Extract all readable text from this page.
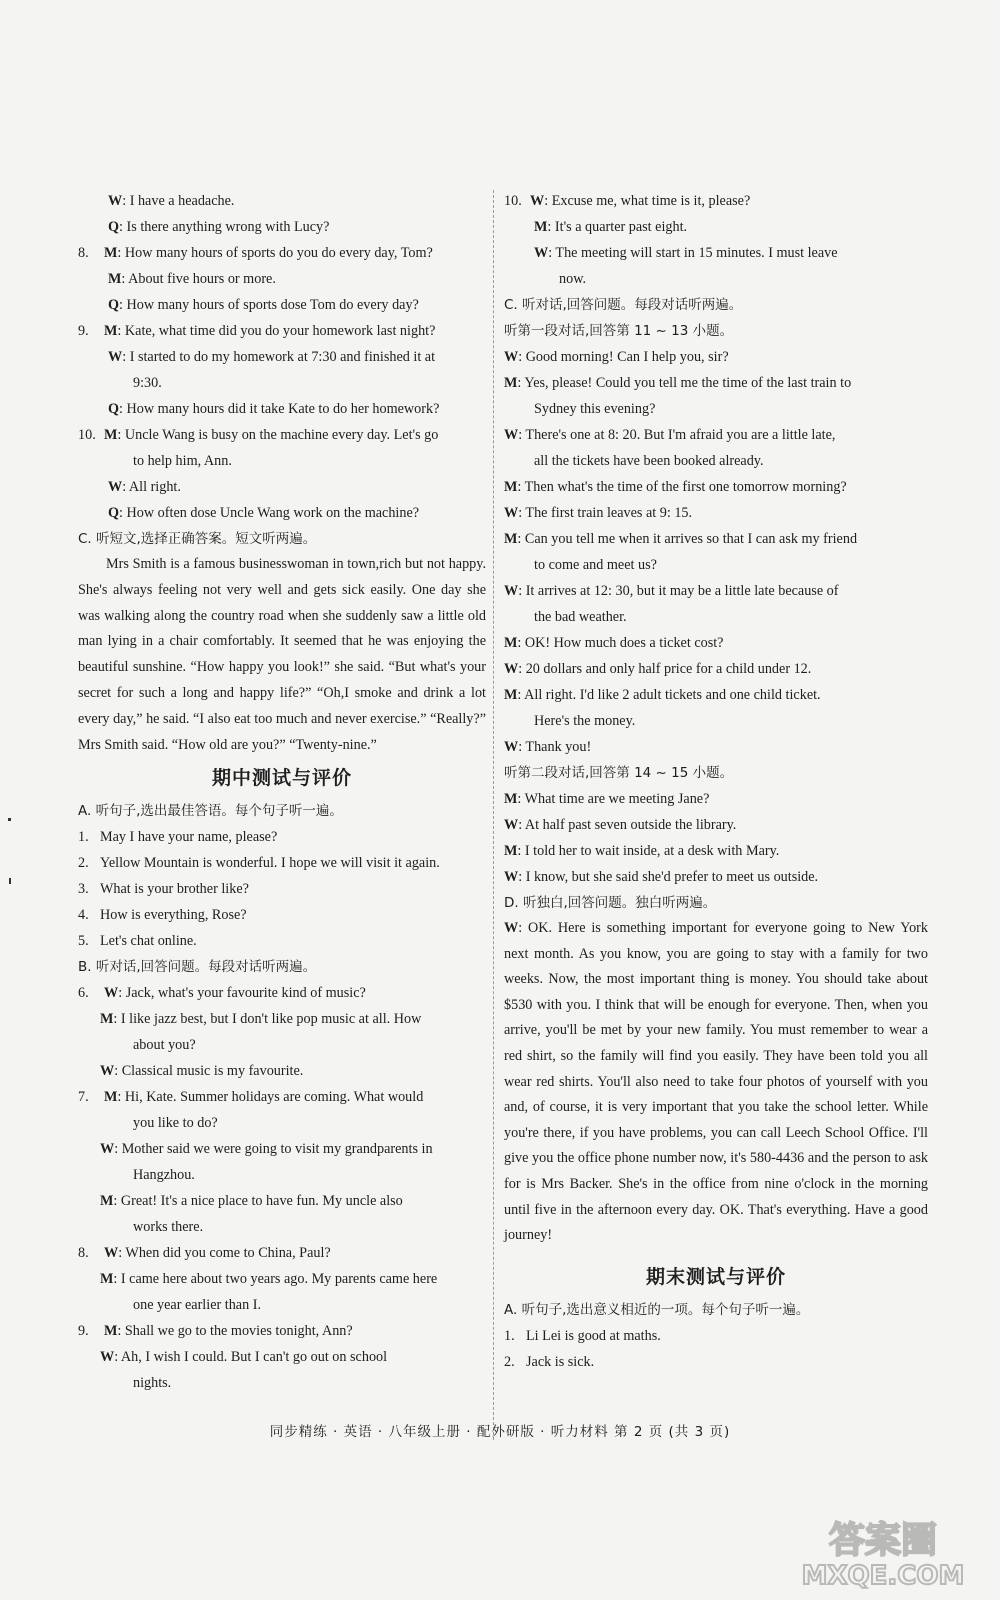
W: I have a headache.
Q: Is there anything wrong with Lucy?
8. M: How many hours of sports do you do every day, Tom?
M: About five hours or more.
Q: How many hours of sports dose Tom do every day?
9. M: Kate, what time did you do your homework last night?
W: I started to do my homework at 7:30 and finished it at
9:30.
Q: How many hours did it take Kate to do her homework?
10. M: Uncle Wang is busy on the machine every day. Let's go
to help him, Ann.
W: All right.
Q: How often dose Uncle Wang work on the machine?
C. 听短文,选择正确答案。短文听两遍。
Mrs Smith is a famous businesswoman in town,rich but not happy. She's always feeling not very well and gets sick easily. One day she was walking along the country road when she suddenly saw a little old man lying in a chair comfortably. It seemed that he was enjoying the beautiful sunshine. “How happy you look!” she said. “But what's your secret for such a long and happy life?” “Oh,I smoke and drink a lot every day,” he said. “I also eat too much and never exercise.” “Really?” Mrs Smith said. “How old are you?” “Twenty-nine.”
期中测试与评价
A. 听句子,选出最佳答语。每个句子听一遍。
1. May I have your name, please?
2. Yellow Mountain is wonderful. I hope we will visit it again.
3. What is your brother like?
4. How is everything, Rose?
5. Let's chat online.
B. 听对话,回答问题。每段对话听两遍。
6. W: Jack, what's your favourite kind of music?
M: I like jazz best, but I don't like pop music at all. How
about you?
W: Classical music is my favourite.
7. M: Hi, Kate. Summer holidays are coming. What would
you like to do?
W: Mother said we were going to visit my grandparents in
Hangzhou.
M: Great! It's a nice place to have fun. My uncle also
works there.
8. W: When did you come to China, Paul?
M: I came here about two years ago. My parents came here
one year earlier than I.
9. M: Shall we go to the movies tonight, Ann?
W: Ah, I wish I could. But I can't go out on school
nights.
10. W: Excuse me, what time is it, please?
M: It's a quarter past eight.
W: The meeting will start in 15 minutes. I must leave
now.
C. 听对话,回答问题。每段对话听两遍。
听第一段对话,回答第 11 ~ 13 小题。
W: Good morning! Can I help you, sir?
M: Yes, please! Could you tell me the time of the last train to
Sydney this evening?
W: There's one at 8: 20. But I'm afraid you are a little late,
all the tickets have been booked already.
M: Then what's the time of the first one tomorrow morning?
W: The first train leaves at 9: 15.
M: Can you tell me when it arrives so that I can ask my friend
to come and meet us?
W: It arrives at 12: 30, but it may be a little late because of
the bad weather.
M: OK! How much does a ticket cost?
W: 20 dollars and only half price for a child under 12.
M: All right. I'd like 2 adult tickets and one child ticket.
Here's the money.
W: Thank you!
听第二段对话,回答第 14 ~ 15 小题。
M: What time are we meeting Jane?
W: At half past seven outside the library.
M: I told her to wait inside, at a desk with Mary.
W: I know, but she said she'd prefer to meet us outside.
D. 听独白,回答问题。独白听两遍。
W: OK. Here is something important for everyone going to New York next month. As you know, you are going to stay with a family for two weeks. Now, the most important thing is money. You should take about $530 with you. I think that will be enough for everyone. Then, when you arrive, you'll be met by your new family. You must remember to wear a red shirt, so the family will find you easily. They have been told you all wear red shirts. You'll also need to take four photos of yourself with you and, of course, it is very important that you take the school letter. While you're there, if you have problems, you can call Leech School Office. I'll give you the office phone number now, it's 580-4436 and the person to ask for is Mrs Backer. She's in the office from nine o'clock in the morning until five in the afternoon every day. OK. That's everything. Have a good journey!
期末测试与评价
A. 听句子,选出意义相近的一项。每个句子听一遍。
1. Li Lei is good at maths.
2. Jack is sick.
同步精练 · 英语 · 八年级上册 · 配外研版 · 听力材料 第 2 页 (共 3 页)
答案圈
MXQE.COM
